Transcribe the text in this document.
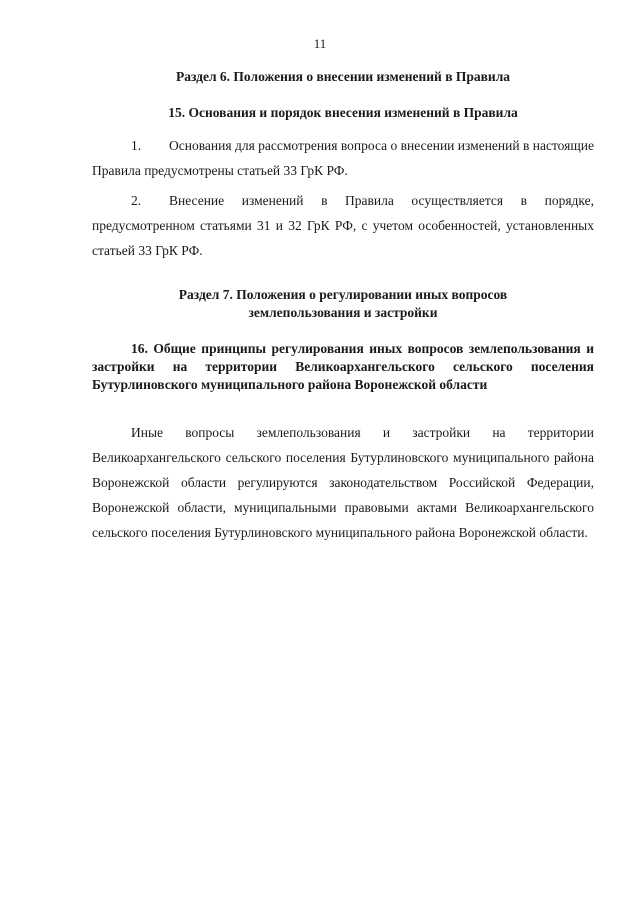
11
Раздел 6. Положения о внесении изменений в Правила
15. Основания и порядок внесения изменений в Правила
1. Основания для рассмотрения вопроса о внесении изменений в настоящие Правила предусмотрены статьей 33 ГрК РФ.
2. Внесение изменений в Правила осуществляется в порядке, предусмотренном статьями 31 и 32 ГрК РФ, с учетом особенностей, установленных статьей 33 ГрК РФ.
Раздел 7. Положения о регулировании иных вопросов
землепользования и застройки
16. Общие принципы регулирования иных вопросов землепользования и застройки на территории Великоархангельского сельского поселения Бутурлиновского муниципального района Воронежской области
Иные вопросы землепользования и застройки на территории Великоархангельского сельского поселения Бутурлиновского муниципального района Воронежской области регулируются законодательством Российской Федерации, Воронежской области, муниципальными правовыми актами Великоархангельского сельского поселения Бутурлиновского муниципального района Воронежской области.
